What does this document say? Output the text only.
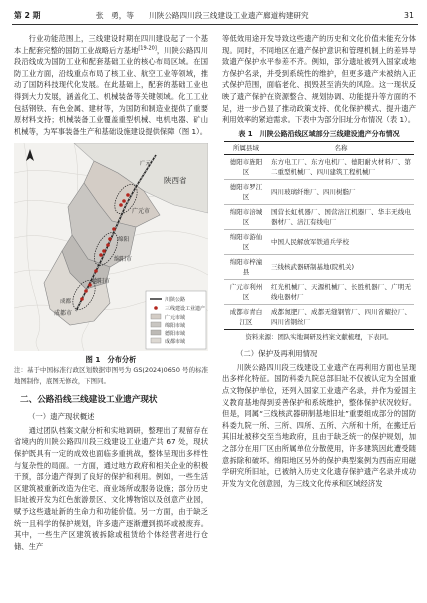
第 2 期	张　勇，等　　川陕公路四川段三线建设工业遗产廊道构建研究	31

行业功能范围上，三线建设时期在四川建设起了一个基本上配套完整的国防工业战略后方基地[19-20]，川陕公路四川段沿线成为国防工业和配套基础工业的核心布局区域。在国防工业方面，沿线重点布局了核工业、航空工业等领域，推动了国防科技现代化发展。在此基础上，配套的基础工业也得到大力发展，涵盖化工、机械装备等关键领域。化工工业包括钢铁、有色金属、建材等，为国防和制造业提供了重要原材料支持；机械装备工业覆盖重型机械、电机电器、矿山机械等，为军事装备生产和基础设施建设提供保障（图 1）。

陕西省
广元市
绵阳市
德阳市
成都市
广元
绵阳
成都	川陕公路
三线建设工业遗产
广元市域
绵阳市域
德阳市域
成都市域
图 1　分布分析

注：基于中国标准行政区划数据审图号为 GS(2024)0650 号的标准地图制作，底图无修改，下图同。

二、公路沿线三线建设工业遗产现状
（一）遗产现状概述

通过团队档案文献分析和实地调研，整理出了观留存在省境内的川陕公路四川段三线建设工业遗产共 67 处，现状保护既具有一定的成效也面临多重挑战，整体呈现出多样性与复杂性的局面。一方面，通过地方政府和相关企业的积极干预，部分遗产得到了良好的保护和利用。例如，一些生活区建筑被重新改造为住宅、商业场所或服务设施；部分历史旧址被开发为红色旅游景区、文化博物馆以及创意产业园，赋予这些遗址新的生命力和功能价值。另一方面，由于缺乏统一且科学的保护规划，许多遗产逐渐遭到损坏或被废弃。其中，一些生产区建筑被拆除或租赁给个体经营者进行仓储、生产

等低效用途开发导致这些遗产的历史和文化价值未能充分体现。同时，不同地区在遗产保护意识和管理机制上的差异导致遗产保护水平参差不齐。例如，部分遗址被列入国家或地方保护名录，并受到系统性的维护，但更多遗产未被纳入正式保护范围，面临老化、损毁甚至消失的风险。这一现状反映了遗产保护在资源整合、规划协调、功能提升等方面的不足，进一步凸显了推动政策支持、优化保护模式、提升遗产利用效率的紧迫需求。下表中为部分旧址分布情况（表 1）。

表 1　川陕公路沿线区域部分三线建设遗产分布情况
所属县域	名称
德阳市旌阳区	东方电工厂、东方电机厂、德阳耐火材料厂、第二重型机械厂、四川建筑工程机械厂
德阳市罗江区	四川玻璃纤维厂、四川树脂厂
绵阳市涪城区	国营长虹机器厂、国营涪江机器厂、华丰无线电器材厂、涪江有线电厂
绵阳市游仙区	中国人民解放军铁道兵学校
绵阳市梓潼县	三线核武器研制基地(院机关)
广元市利州区	红光机械厂、天源机械厂、长胜机器厂、广明无线电器材厂
成都市青白江区	成都氮肥厂、成都无缝钢管厂、四川省耀拉厂、四川省钢丝厂
资料来源：团队实地调研及档案文献梳理，下表同。
（二）保护及再利用情况

川陕公路四川段三线建设工业遗产在再利用方面也呈现出多样化特征。国防科委九院总部旧址不仅被认定为全国重点文物保护单位，还列入国家工业遗产名录，并作为爱国主义教育基地得到妥善保护和系统维护，整体保护状况较好。但是，同属“三线核武器研制基地旧址”重要组成部分的国防科委九院一所、三所、四所、五所、六所和十所，在搬迁后其旧址被移交至当地政府，且由于缺乏统一的保护规划，加之部分在用厂区由所属单位分散使用，许多建筑因此遭受随意拆除和破坏。绵阳地区另外的保护典型案例为西南应用磁学研究所旧址，已被纳入历史文化遗存保护遗产名录并成功开发为文化创意园，为三线文化传承和区域经济发
